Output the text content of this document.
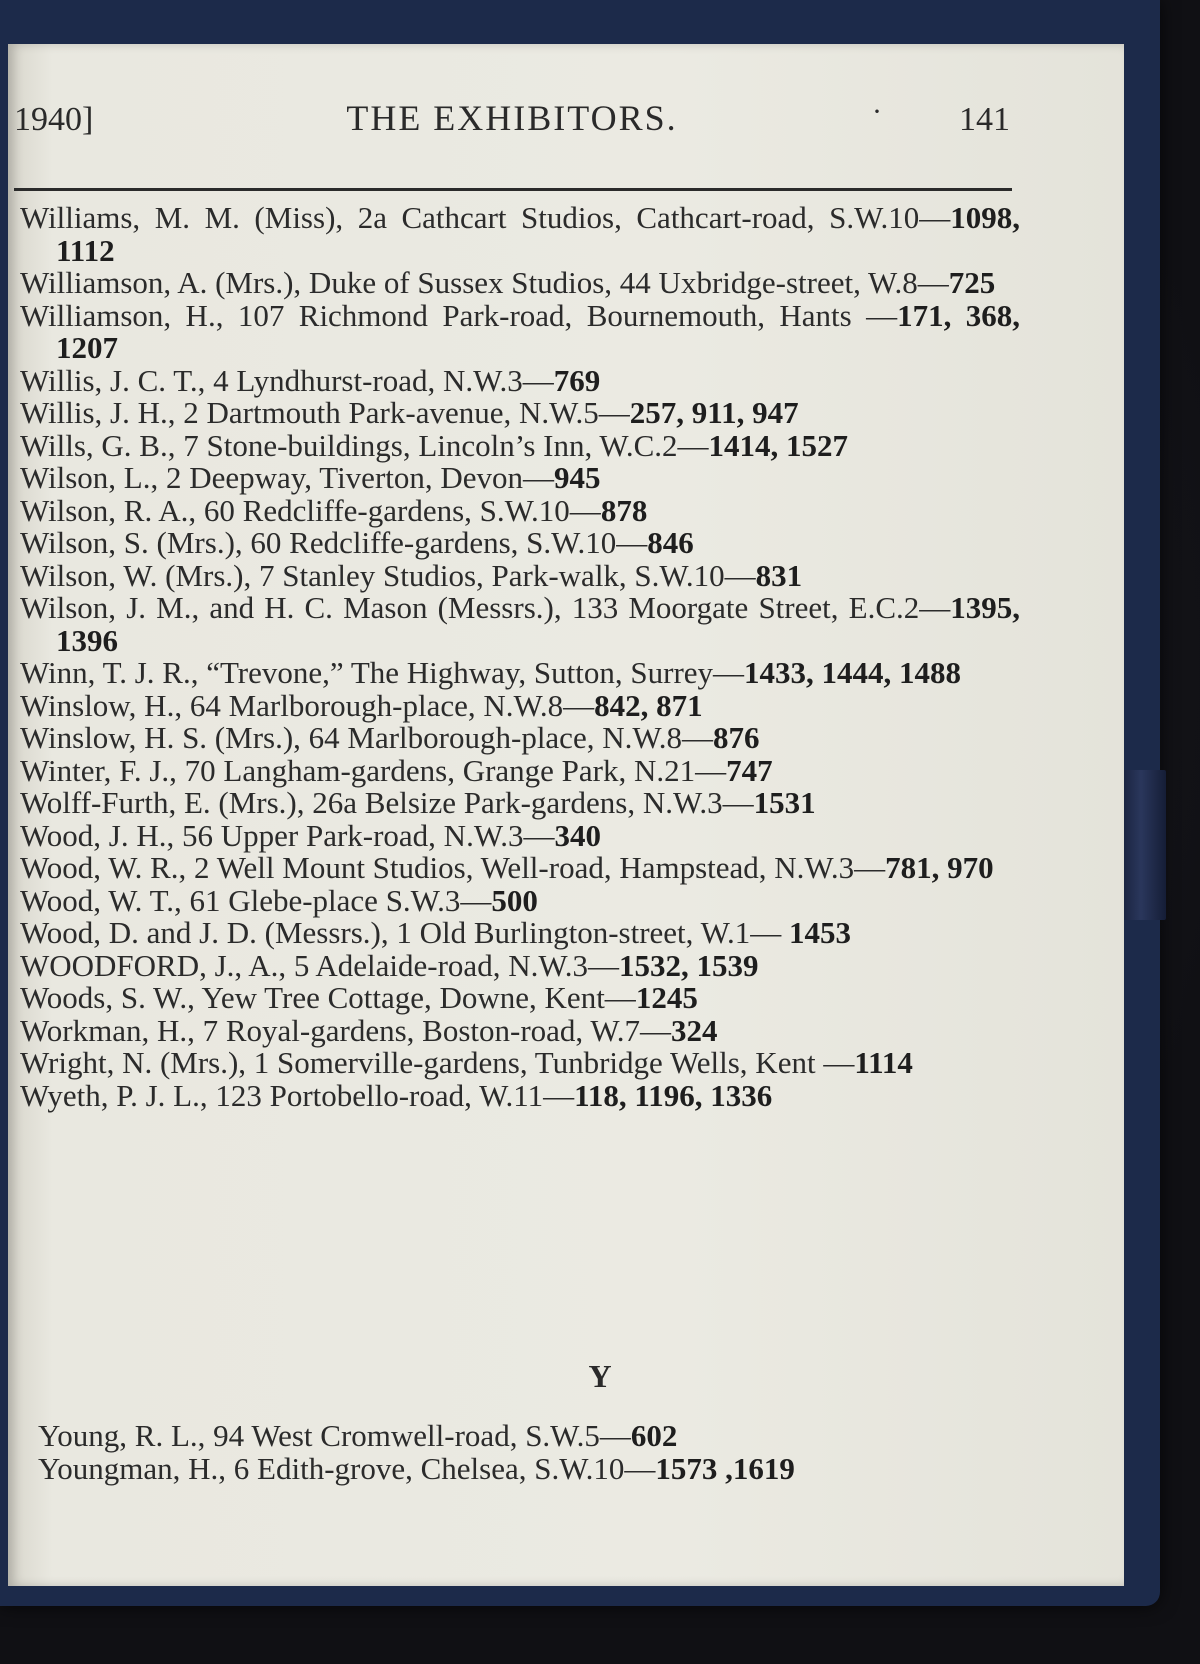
1940]	THE EXHIBITORS.	· 141
Williams, M. M. (Miss), 2a Cathcart Studios, Cathcart-road, S.W.10—1098, 1112
Williamson, A. (Mrs.), Duke of Sussex Studios, 44 Uxbridge-street, W.8—725
Williamson, H., 107 Richmond Park-road, Bournemouth, Hants —171, 368, 1207
Willis, J. C. T., 4 Lyndhurst-road, N.W.3—769
Willis, J. H., 2 Dartmouth Park-avenue, N.W.5—257, 911, 947
Wills, G. B., 7 Stone-buildings, Lincoln’s Inn, W.C.2—1414, 1527
Wilson, L., 2 Deepway, Tiverton, Devon—945
Wilson, R. A., 60 Redcliffe-gardens, S.W.10—878
Wilson, S. (Mrs.), 60 Redcliffe-gardens, S.W.10—846
Wilson, W. (Mrs.), 7 Stanley Studios, Park-walk, S.W.10—831
Wilson, J. M., and H. C. Mason (Messrs.), 133 Moorgate Street, E.C.2—1395, 1396
Winn, T. J. R., “Trevone,” The Highway, Sutton, Surrey—1433, 1444, 1488
Winslow, H., 64 Marlborough-place, N.W.8—842, 871
Winslow, H. S. (Mrs.), 64 Marlborough-place, N.W.8—876
Winter, F. J., 70 Langham-gardens, Grange Park, N.21—747
Wolff-Furth, E. (Mrs.), 26a Belsize Park-gardens, N.W.3—1531
Wood, J. H., 56 Upper Park-road, N.W.3—340
Wood, W. R., 2 Well Mount Studios, Well-road, Hampstead, N.W.3—781, 970
Wood, W. T., 61 Glebe-place S.W.3—500
Wood, D. and J. D. (Messrs.), 1 Old Burlington-street, W.1— 1453
WOODFORD, J., A., 5 Adelaide-road, N.W.3—1532, 1539
Woods, S. W., Yew Tree Cottage, Downe, Kent—1245
Workman, H., 7 Royal-gardens, Boston-road, W.7—324
Wright, N. (Mrs.), 1 Somerville-gardens, Tunbridge Wells, Kent —1114
Wyeth, P. J. L., 123 Portobello-road, W.11—118, 1196, 1336
Y
Young, R. L., 94 West Cromwell-road, S.W.5—602
Youngman, H., 6 Edith-grove, Chelsea, S.W.10—1573 ,1619
